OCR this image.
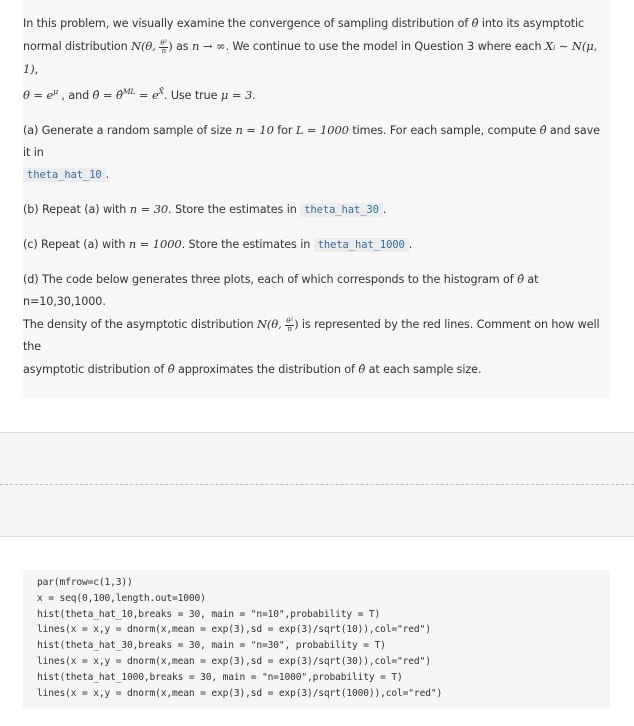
In this problem, we visually examine the convergence of sampling distribution of θ̂ into its asymptotic normal distribution N(θ, $\frac{\text{θ²}}{n}$ ) as n → ∞. We continue to use the model in Question 3 where each Xᵢ ∼ N(μ, 1),
$\theta = e^\mu$ , and θ̂ = θ̂$^{ML}$ = $e^{X̄}$. Use true μ = 3.

(a) Generate a random sample of size n = 10 for L = 1000 times. For each sample, compute θ̂ and save it in
theta_hat_10 .

(b) Repeat (a) with n = 30. Store the estimates in theta_hat_30 .

(c) Repeat (a) with n = 1000. Store the estimates in theta_hat_1000 .

(d) The code below generates three plots, each of which corresponds to the histogram of θ̂ at n=10,30,1000.
The density of the asymptotic distribution N(θ, $\frac{\text{θ²}}{n}$ ) is represented by the red lines. Comment on how well the
asymptotic distribution of θ̂ approximates the distribution of θ̂ at each sample size.

par(mfrow=c(1,3))
x = seq(0,100,length.out=1000)
hist(theta_hat_10,breaks = 30, main = "n=10",probability = T)
lines(x = x,y = dnorm(x,mean = exp(3),sd = exp(3)/sqrt(10)),col="red")
hist(theta_hat_30,breaks = 30, main = "n=30", probability = T)
lines(x = x,y = dnorm(x,mean = exp(3),sd = exp(3)/sqrt(30)),col="red")
hist(theta_hat_1000,breaks = 30, main = "n=1000",probability = T)
lines(x = x,y = dnorm(x,mean = exp(3),sd = exp(3)/sqrt(1000)),col="red")
